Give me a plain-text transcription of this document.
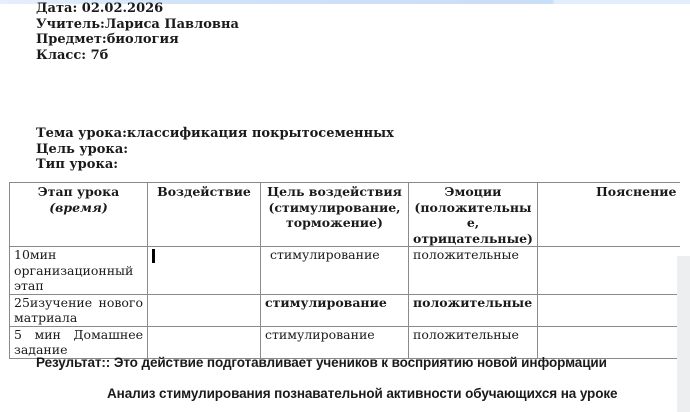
Дата: 02.02.2026
Учитель:Лариса Павловна
Предмет:биология
Класс: 7б
Тема урока:классификация покрытосеменных
Цель урока:
Тип урока:
Этап урока
(время)	Воздействие	Цель воздействия (стимулирование, торможение)	Эмоции (положительны е, отрицательные)	Пояснение

10мин организационный этап		стимулирование	положительные	

25изучение нового матриала		стимулирование	положительные	

5 мин Домашнее задание		стимулирование	положительные	
Результат:: Это действие подготавливает учеников к восприятию новой информации
Анализ стимулирования познавательной активности обучающихся на уроке
